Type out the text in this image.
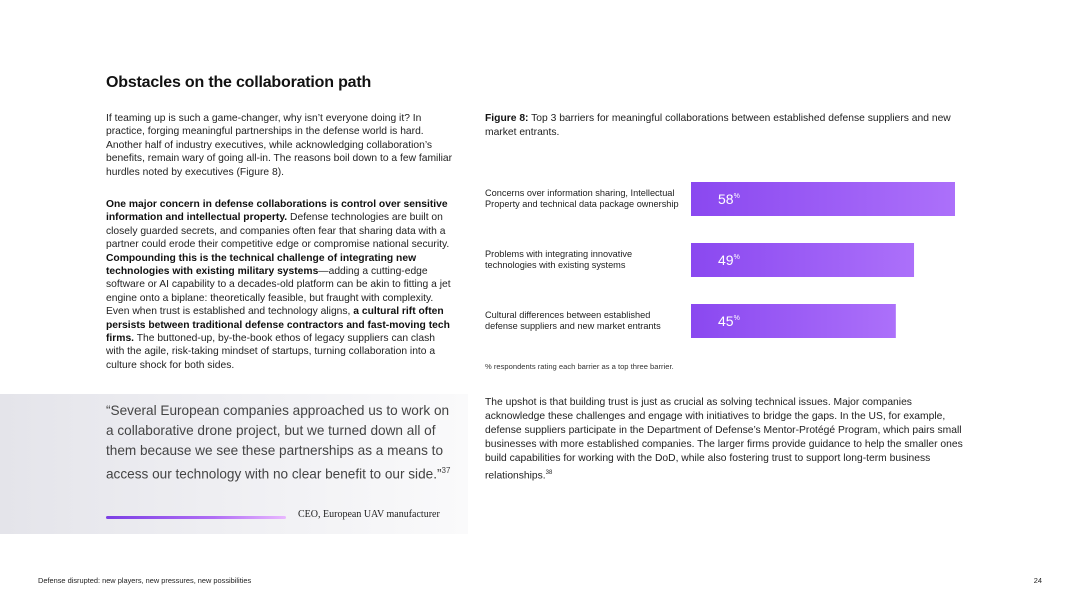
Obstacles on the collaboration path

If teaming up is such a game-changer, why isn’t everyone doing it? In practice, forging meaningful partnerships in the defense world is hard. Another half of industry executives, while acknowledging collaboration’s benefits, remain wary of going all-in. The reasons boil down to a few familiar hurdles noted by executives (Figure 8).

One major concern in defense collaborations is control over sensitive information and intellectual property. Defense technologies are built on closely guarded secrets, and companies often fear that sharing data with a partner could erode their competitive edge or compromise national security. Compounding this is the technical challenge of integrating new technologies with existing military systems—adding a cutting-edge software or AI capability to a decades-old platform can be akin to fitting a jet engine onto a biplane: theoretically feasible, but fraught with complexity. Even when trust is established and technology aligns, a cultural rift often persists between traditional defense contractors and fast-moving tech firms. The buttoned-up, by-the-book ethos of legacy suppliers can clash with the agile, risk-taking mindset of startups, turning collaboration into a culture shock for both sides.

“Several European companies approached us to work on a collaborative drone project, but we turned down all of them because we see these partnerships as a means to access our technology with no clear benefit to our side.”$^{37}$
CEO, European UAV manufacturer
Figure 8: Top 3 barriers for meaningful collaborations between established defense suppliers and new market entrants.
58%
49%
45%
Concerns over information sharing, Intellectual Property and technical data package ownership
Problems with integrating innovative technologies with existing systems
Cultural differences between established defense suppliers and new market entrants
% respondents rating each barrier as a top three barrier.

The upshot is that building trust is just as crucial as solving technical issues. Major companies acknowledge these challenges and engage with initiatives to bridge the gaps. In the US, for example, defense suppliers participate in the Department of Defense’s Mentor-Protégé Program, which pairs small businesses with more established companies. The larger firms provide guidance to help the smaller ones build capabilities for working with the DoD, while also fostering trust to support long-term business relationships.$^{38}$

Defense disrupted: new players, new pressures, new possibilities	24
